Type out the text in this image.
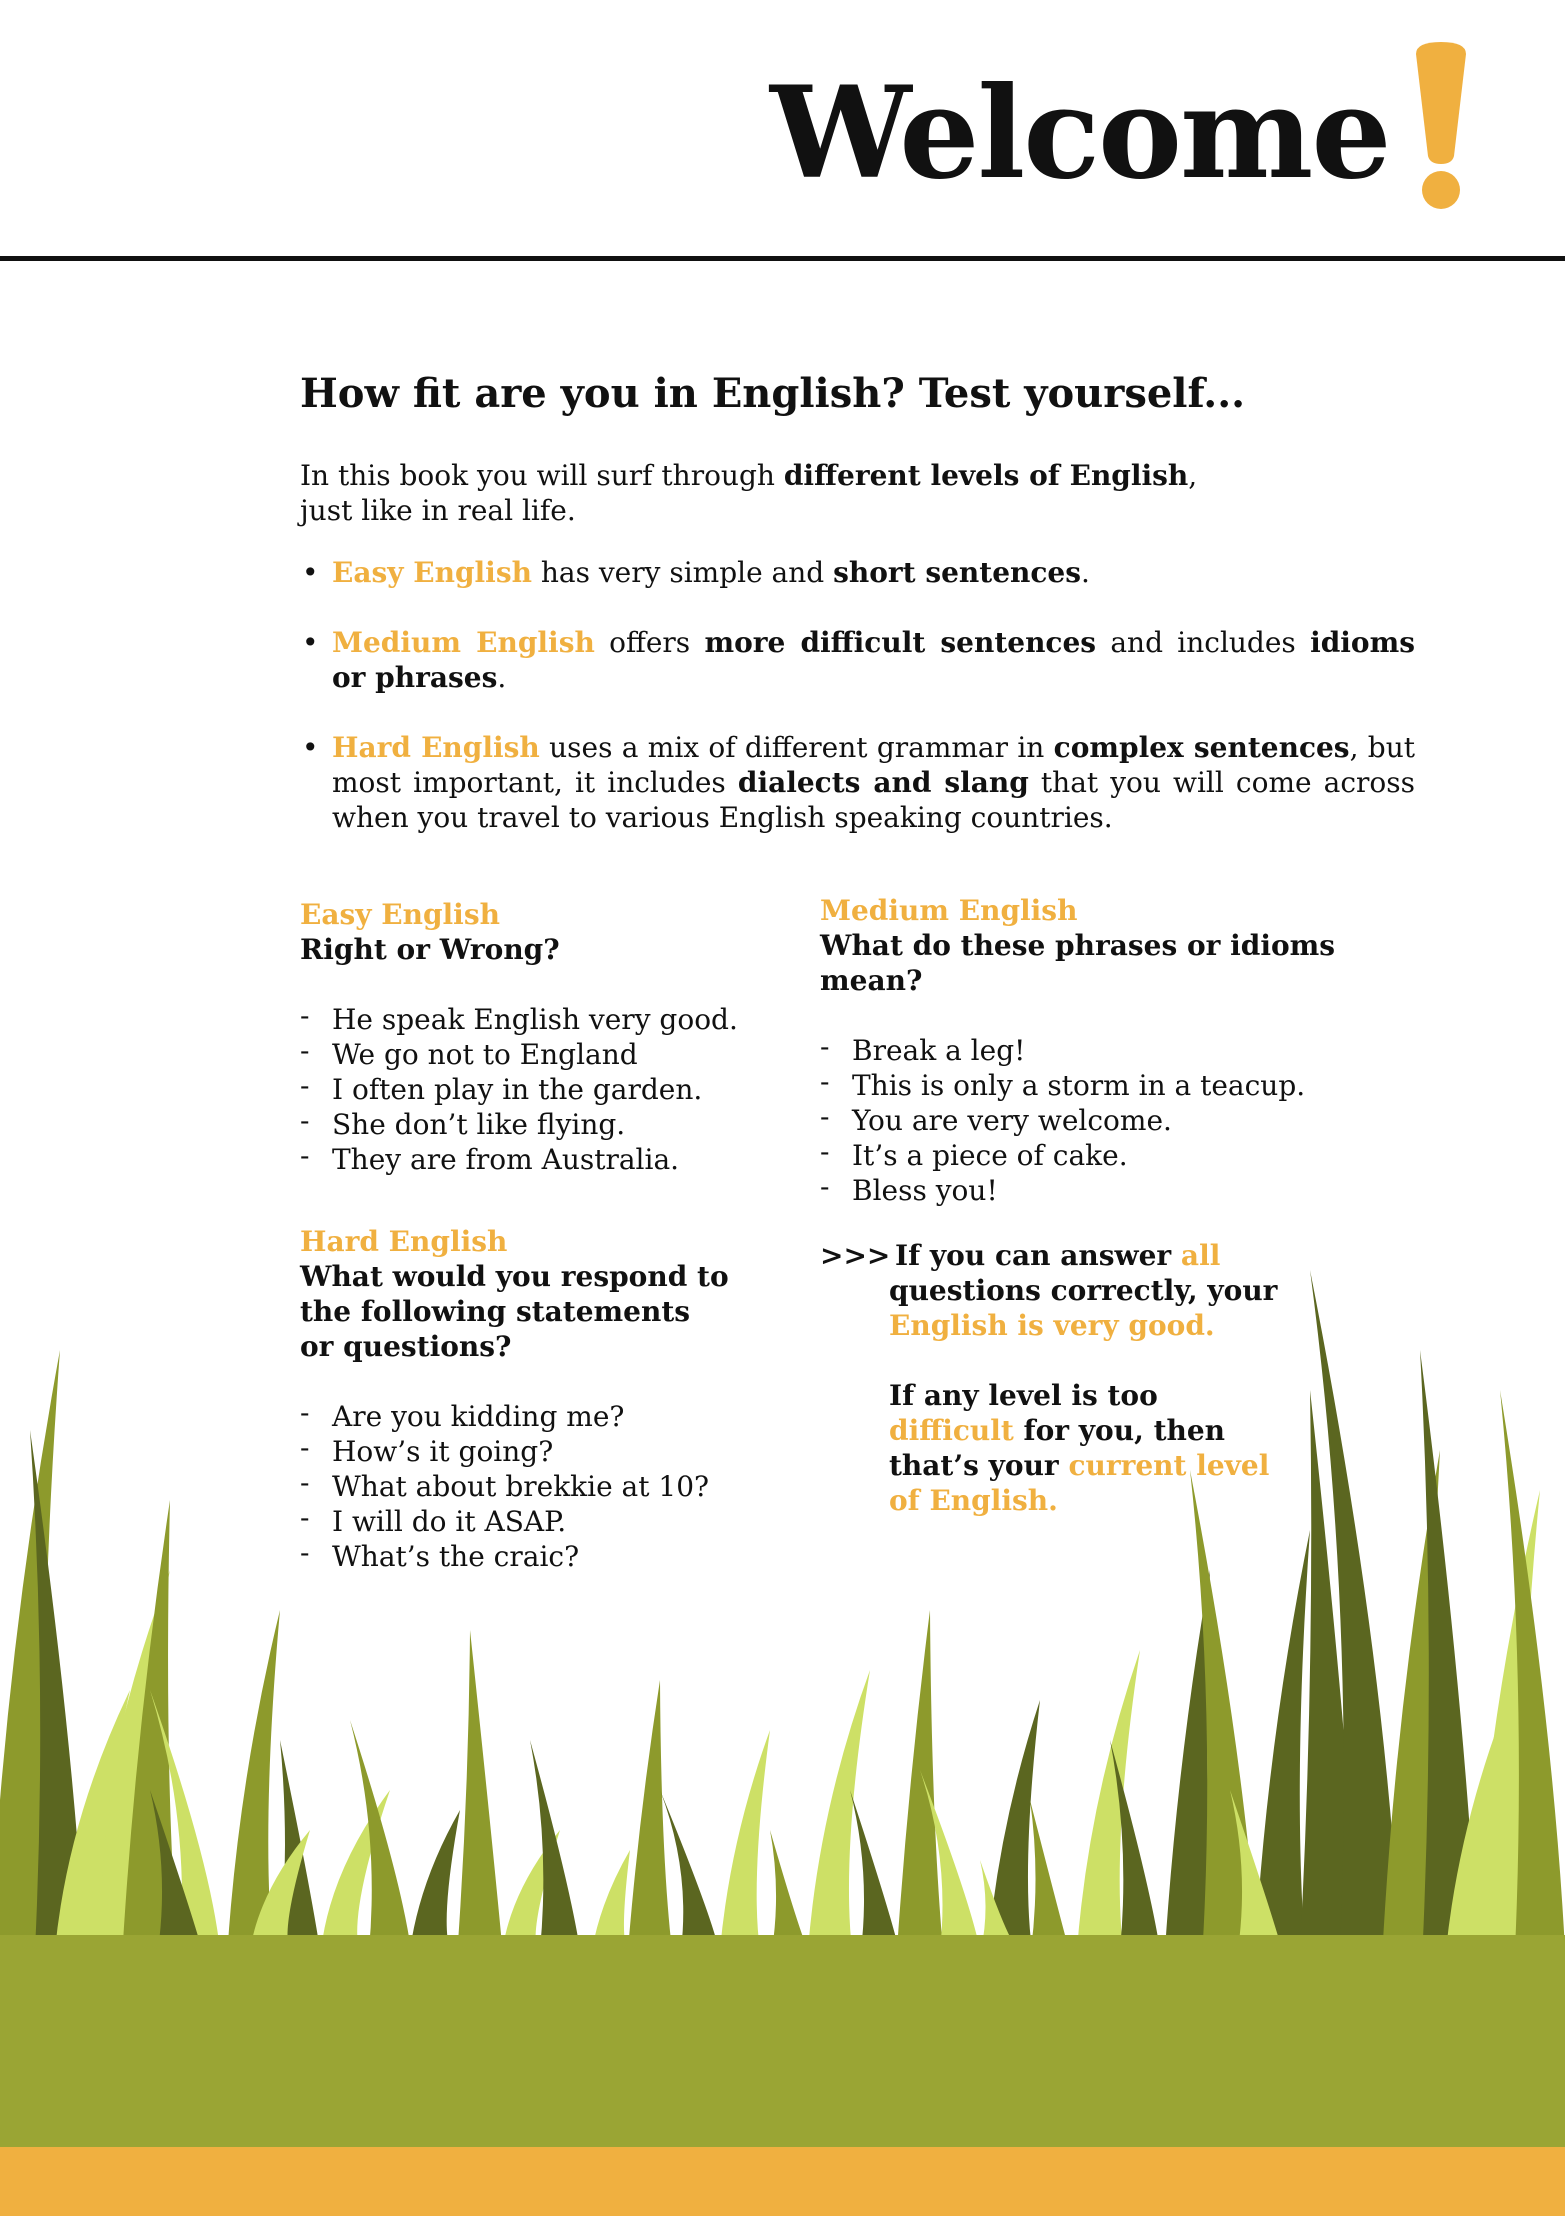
Welcome
How fit are you in English? Test yourself...
In this book you will surf through different levels of English,
just like in real life.
• Easy English has very simple and short sentences.
• Medium English offers more difficult sentences and includes idioms or phrases.
• Hard English uses a mix of different grammar in complex sentences, but most important, it includes dialects and slang that you will come across when you travel to various English speaking countries.
Easy English
Right or Wrong?
- He speak English very good.
- We go not to England
- I often play in the garden.
- She don’t like flying.
- They are from Australia.
Medium English
What do these phrases or idioms mean?
- Break a leg!
- This is only a storm in a teacup.
- You are very welcome.
- It’s a piece of cake.
- Bless you!
Hard English
What would you respond to
the following statements
or questions?
- Are you kidding me?
- How’s it going?
- What about brekkie at 10?
- I will do it ASAP.
- What’s the craic?
>>> If you can answer all
questions correctly, your
English is very good.
If any level is too
difficult for you, then
that’s your current level
of English.
